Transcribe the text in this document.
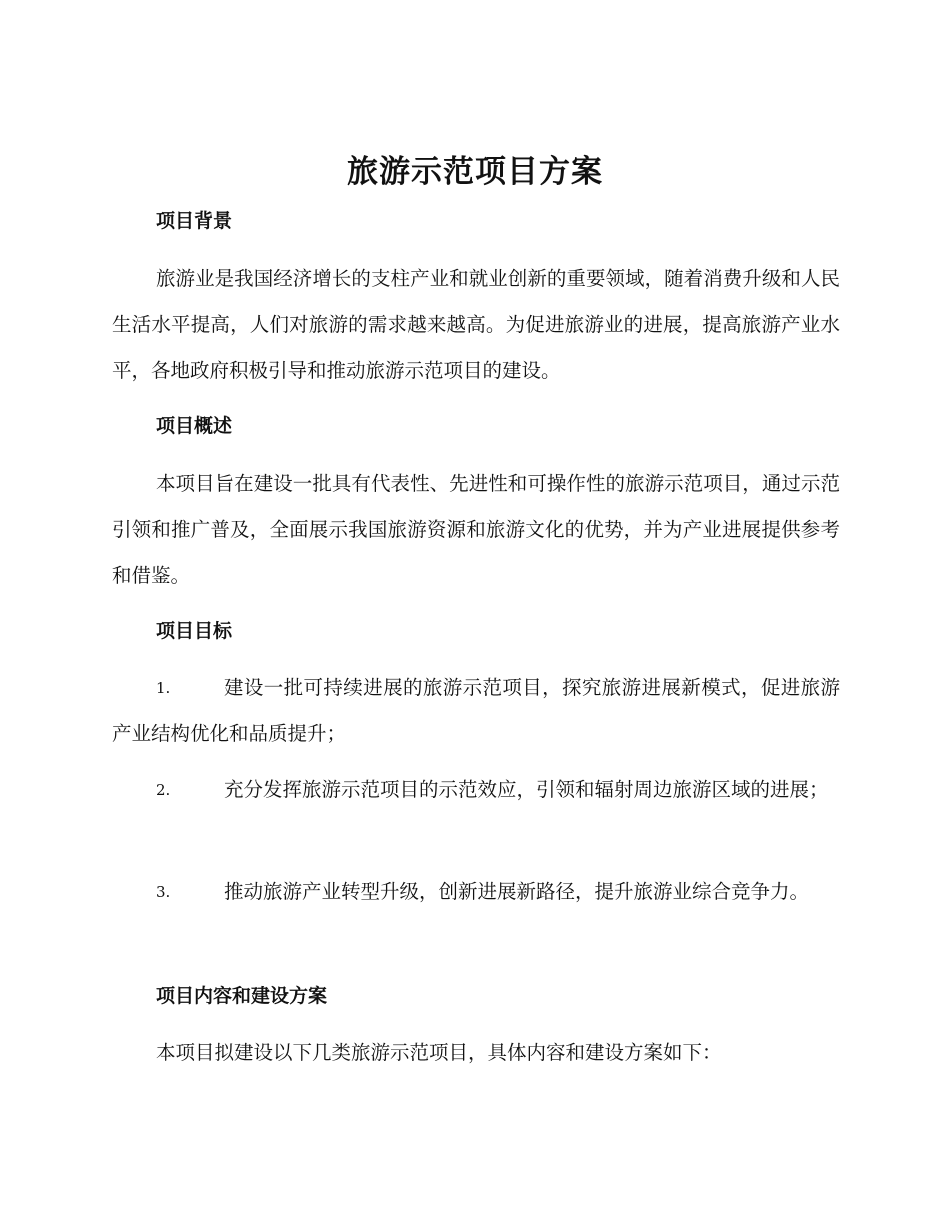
旅游示范项目方案
项目背景

旅游业是我国经济增长的支柱产业和就业创新的重要领域，随着消费升级和人民生活水平提高，人们对旅游的需求越来越高。为促进旅游业的进展，提高旅游产业水平，各地政府积极引导和推动旅游示范项目的建设。

项目概述

本项目旨在建设一批具有代表性、先进性和可操作性的旅游示范项目，通过示范引领和推广普及，全面展示我国旅游资源和旅游文化的优势，并为产业进展提供参考和借鉴。

项目目标
1.	建设一批可持续进展的旅游示范项目，探究旅游进展新模式，促进旅游产业结构优化和品质提升；
2.	充分发挥旅游示范项目的示范效应，引领和辐射周边旅游区域的进展；
3.	推动旅游产业转型升级，创新进展新路径，提升旅游业综合竞争力。
项目内容和建设方案

本项目拟建设以下几类旅游示范项目，具体内容和建设方案如下：
